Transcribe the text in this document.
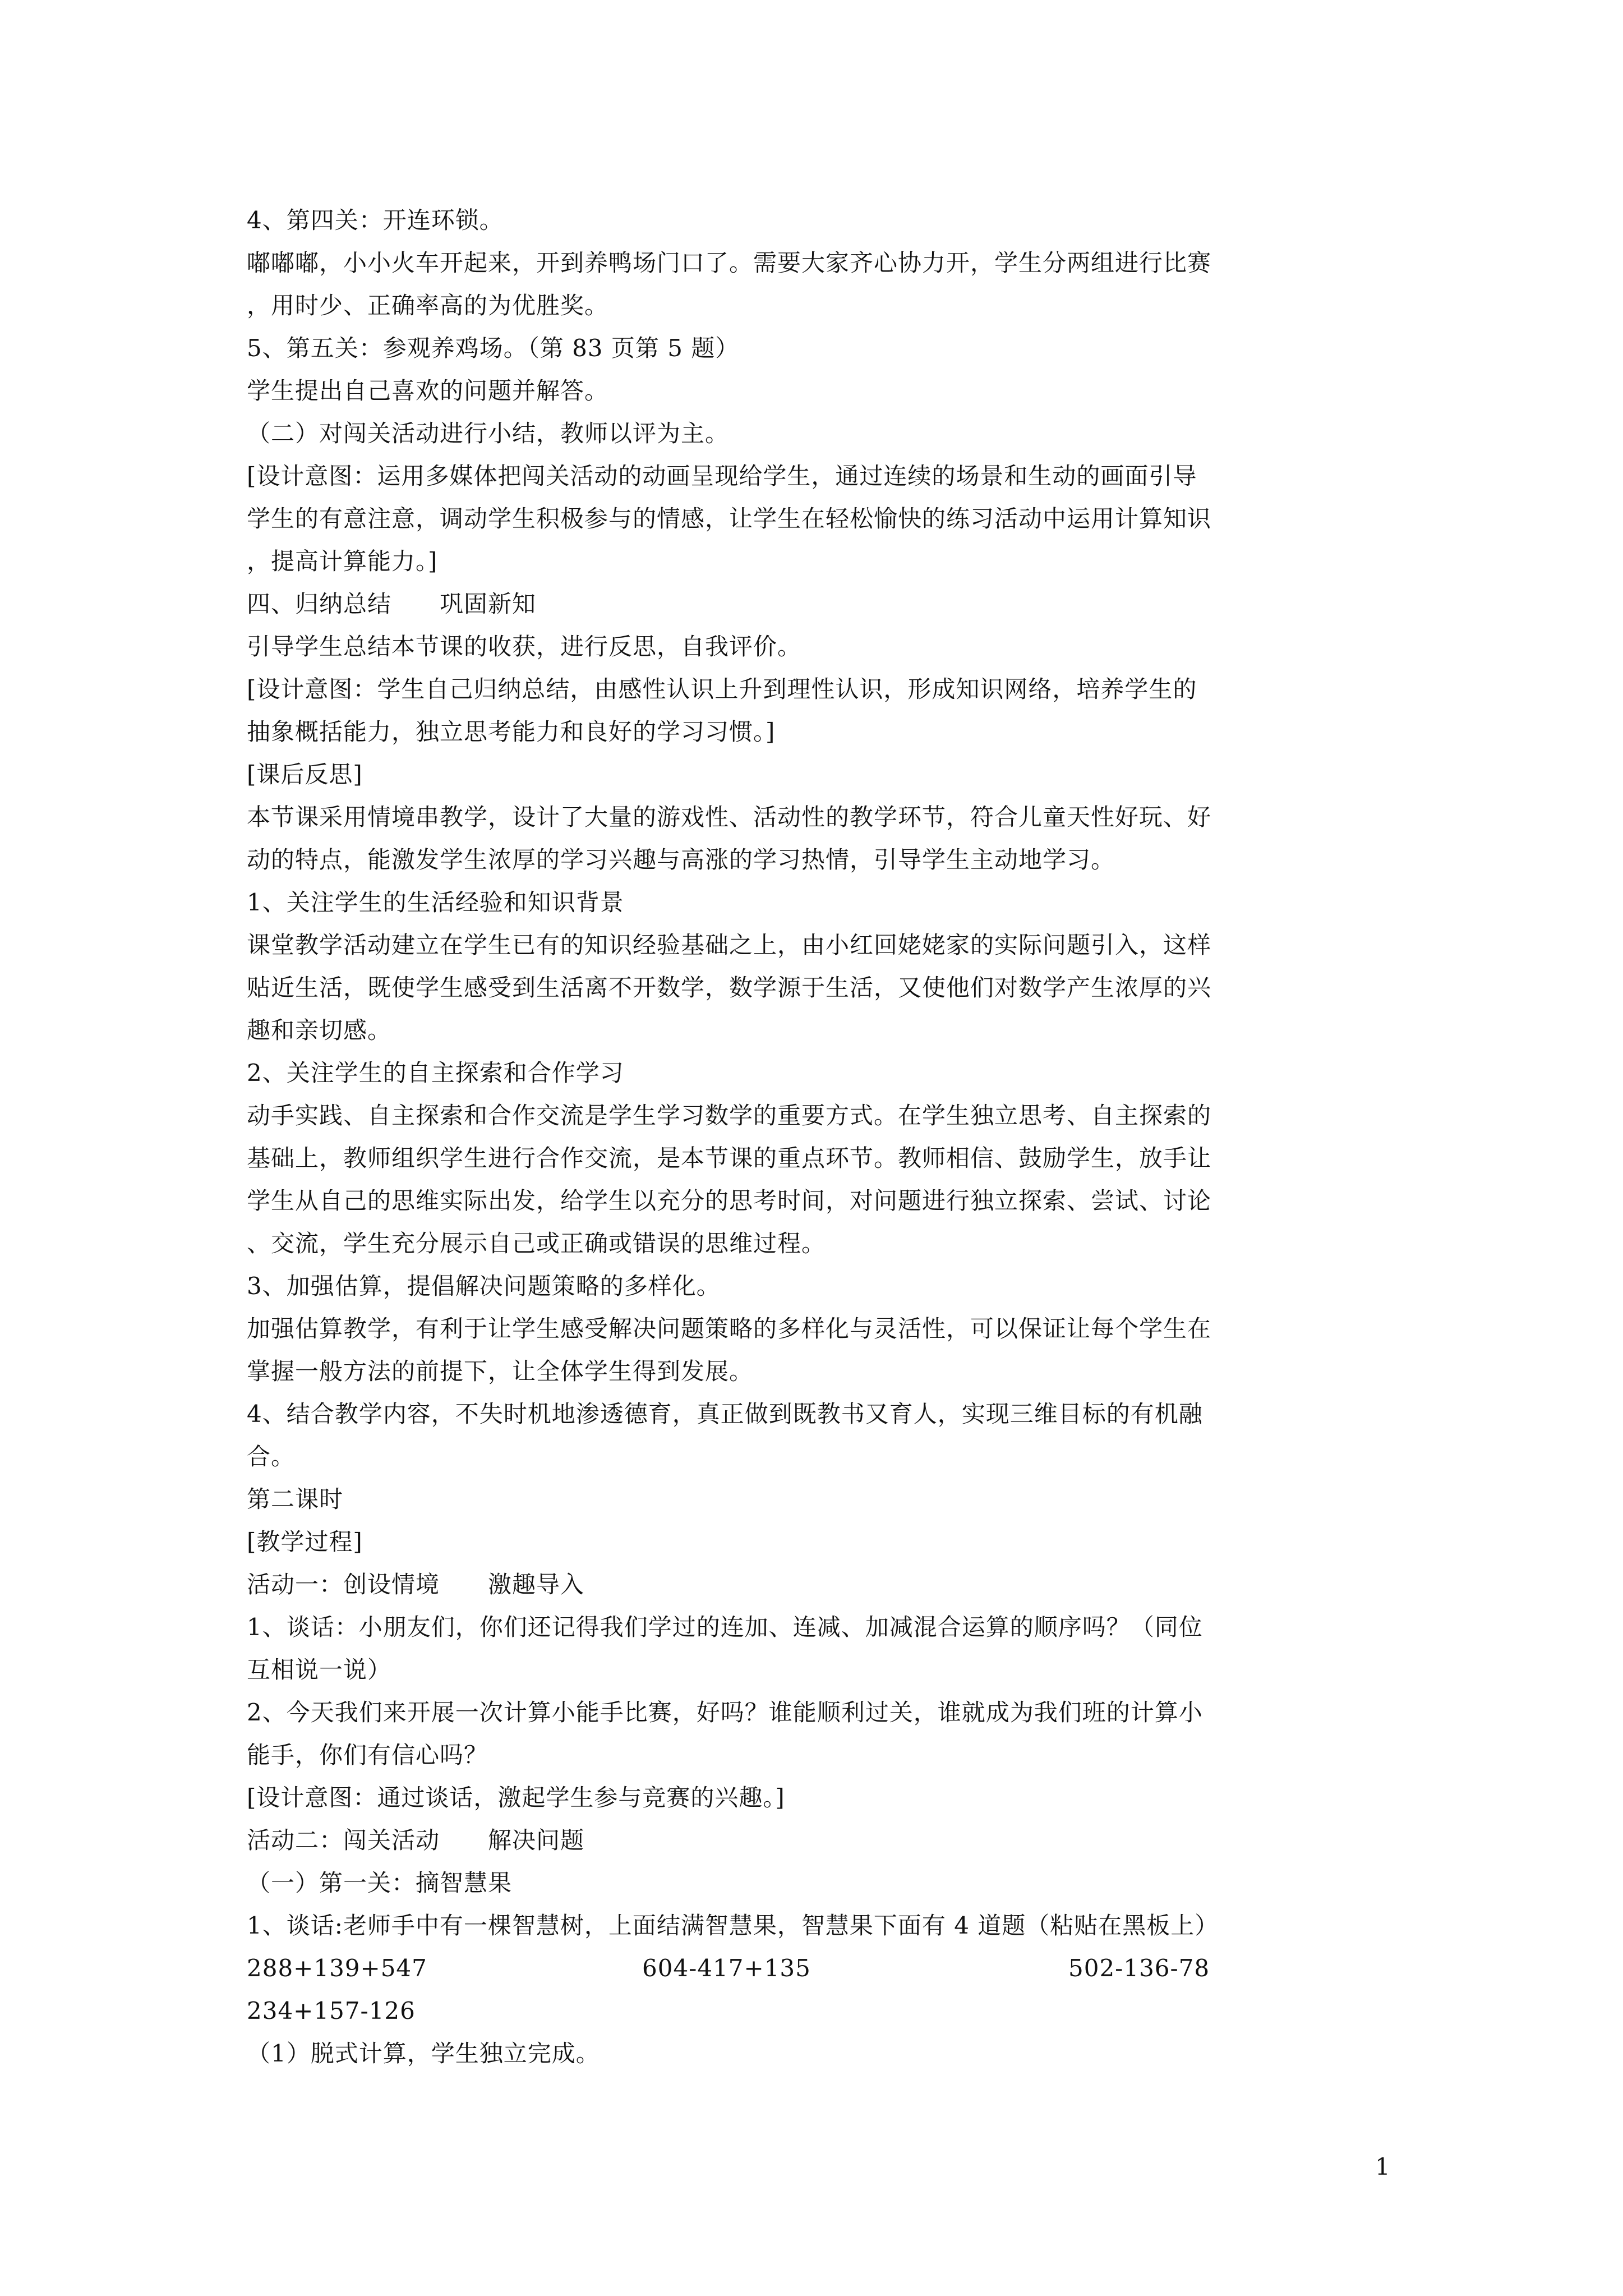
4、第四关：开连环锁。

嘟嘟嘟，小小火车开起来，开到养鸭场门口了。需要大家齐心协力开，学生分两组进行比赛

，用时少、正确率高的为优胜奖。

5、第五关：参观养鸡场。（第 83 页第 5 题）

学生提出自己喜欢的问题并解答。

（二）对闯关活动进行小结，教师以评为主。

[设计意图：运用多媒体把闯关活动的动画呈现给学生，通过连续的场景和生动的画面引导

学生的有意注意，调动学生积极参与的情感，让学生在轻松愉快的练习活动中运用计算知识

，提高计算能力。]

四、归纳总结　　巩固新知

引导学生总结本节课的收获，进行反思，自我评价。

[设计意图：学生自己归纳总结，由感性认识上升到理性认识，形成知识网络，培养学生的

抽象概括能力，独立思考能力和良好的学习习惯。]

[课后反思]

本节课采用情境串教学，设计了大量的游戏性、活动性的教学环节，符合儿童天性好玩、好

动的特点，能激发学生浓厚的学习兴趣与高涨的学习热情，引导学生主动地学习。

1、关注学生的生活经验和知识背景

课堂教学活动建立在学生已有的知识经验基础之上，由小红回姥姥家的实际问题引入，这样

贴近生活，既使学生感受到生活离不开数学，数学源于生活，又使他们对数学产生浓厚的兴

趣和亲切感。

2、关注学生的自主探索和合作学习

动手实践、自主探索和合作交流是学生学习数学的重要方式。在学生独立思考、自主探索的

基础上，教师组织学生进行合作交流，是本节课的重点环节。教师相信、鼓励学生，放手让

学生从自己的思维实际出发，给学生以充分的思考时间，对问题进行独立探索、尝试、讨论

、交流，学生充分展示自己或正确或错误的思维过程。

3、加强估算，提倡解决问题策略的多样化。

加强估算教学，有利于让学生感受解决问题策略的多样化与灵活性，可以保证让每个学生在

掌握一般方法的前提下，让全体学生得到发展。

4、结合教学内容，不失时机地渗透德育，真正做到既教书又育人，实现三维目标的有机融

合。

第二课时

[教学过程]

活动一：创设情境　　激趣导入

1、谈话：小朋友们，你们还记得我们学过的连加、连减、加减混合运算的顺序吗？（同位

互相说一说）

2、今天我们来开展一次计算小能手比赛，好吗？谁能顺利过关，谁就成为我们班的计算小

能手，你们有信心吗？

[设计意图：通过谈话，激起学生参与竞赛的兴趣。]

活动二：闯关活动　　解决问题

（一）第一关：摘智慧果

1、谈话:老师手中有一棵智慧树，上面结满智慧果，智慧果下面有 4 道题（粘贴在黑板上）

288+139+547	604-417+135	502-136-78

234+157-126

（1）脱式计算，学生独立完成。

1
